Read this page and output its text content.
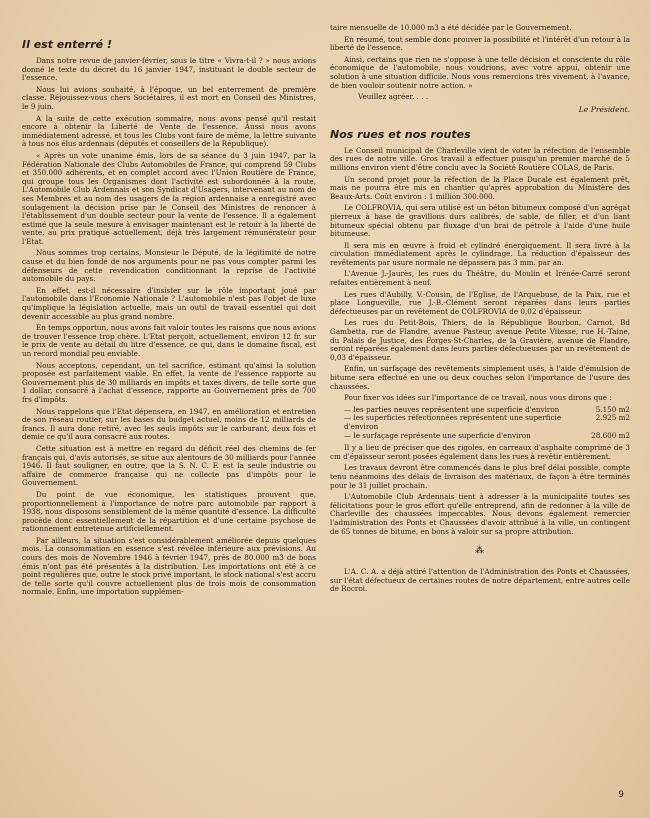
Il est enterré !

Dans notre revue de janvier-février, sous le titre « Vivra-t-il ? » nous avions donné le texte du décret du 16 janvier 1947, instituant le double secteur de l'essence.

Nous lui avions souhaité, à l'époque, un bel enterrement de première classe. Réjouissez-vous chers Sociétaires, il est mort en Conseil des Ministres, le 9 juin.

A la suite de cette exécution sommaire, nous avons pensé qu'il restait encore à obtenir la Liberté de Vente de l'essence. Aussi nous avons immédiatement adressé, et tous les Clubs vont faire de même, la lettre suivante à tous nos élus ardennais (députés et conseillers de la République).

« Après un vote unanime émis, lors de sa séance du 3 juin 1947, par la Fédération Nationale des Clubs Automobiles de France, qui comprend 59 Clubs et 350.000 adhérents, et en complet accord avec l'Union Routière de France, qui groupe tous les Organismes dont l'activité est subordonnée à la route, L'Automobile Club Ardennais et son Syndicat d'Usagers, intervenant au nom de ses Membres et au nom des usagers de la région ardennaise a enregistré avec soulagement la décision prise par le Conseil des Ministres de renoncer à l'établissement d'un double secteur pour la vente de l'essence. Il a également estimé que la seule mesure à envisager maintenant est le retour à la liberté de vente, au prix pratiqué actuellement, déjà très largement rémunérateur pour l'Etat.

Nous sommes trop certains, Monsieur le Député, de la légitimité de notre cause et du bien fondé de nos arguments pour ne pas vous compter parmi les défenseurs de cette revendication conditionnant la reprise de l'activité automobile du pays.

En effet, est-il nécessaire d'insister sur le rôle important joué par l'automobile dans l'Economie Nationale ? L'automobile n'est pas l'objet de luxe qu'implique la législation actuelle, mais un outil de travail essentiel qui doit devenir accessible au plus grand nombre.

En temps opportun, nous avons fait valoir toutes les raisons que nous avions de trouver l'essence trop chère. L'Etat perçoit, actuellement, environ 12 fr. sur le prix de vente au détail du litre d'essence, ce qui, dans le domaine fiscal, est un record mondial peu enviable.

Nous acceptons, cependant, un tel sacrifice, estimant qu'ainsi la solution proposée est parfaitement viable. En effet, la vente de l'essence rapporte au Gouvernement plus de 30 milliards en impôts et taxes divers, de telle sorte que 1 dollar, consacré à l'achat d'essence, rapporte au Gouvernement près de 700 frs d'impôts.

Nous rappelons que l'Etat dépensera, en 1947, en amélioration et entretien de son réseau routier, sur les bases du budget actuel, moins de 12 milliards de francs. Il aura donc retiré, avec les seuls impôts sur le carburant, deux fois et demie ce qu'il aura consacré aux routes.

Cette situation est à mettre en regard du déficit réel des chemins de fer français qui, d'avis autorisés, se situe aux alentours de 30 milliards pour l'année 1946. Il faut souligner, en outre, que la S. N. C. F. est la seule industrie ou affaire de commerce française qui ne collecte pas d'impôts pour le Gouvernement.

Du point de vue économique, les statistiques prouvent que, proportionnellement à l'importance de notre parc automobile par rapport à 1938, nous disposons sensiblement de la même quantité d'essence. La difficulté procède donc essentiellement de la répartition et d'une certaine psychose de rationnement entretenue artificiellement.

Par ailleurs, la situation s'est considérablement améliorée depuis quelques mois. La consommation en essence s'est révélée inférieure aux prévisions. Au cours des mois de Novembre 1946 à février 1947, près de 80.000 m3 de bons émis n'ont pas été présentés à la distribution. Les importations ont été à ce point régulières que, outre le stock privé important, le stock national s'est accru de telle sorte qu'il couvre actuellement plus de trois mois de consommation normale. Enfin, une importation supplémen-

taire mensuelle de 10.000 m3 a été décidée par le Gouvernement.

En résumé, tout semble donc prouver la possibilité et l'intérêt d'un retour à la liberté de l'essence.

Ainsi, certains que rien ne s'oppose à une telle décision et consciente du rôle économique de l'automobile, nous voudrions, avec votre appui, obtenir une solution à une situation difficile. Nous vous remercions très vivement, à l'avance, de bien vouloir soutenir notre action. »

Veuillez agréer. . . .

Le Président.
Nos rues et nos routes

Le Conseil municipal de Charleville vient de voter la réfection de l'ensemble des rues de notre ville. Gros travail à effectuer puisqu'un premier marché de 5 millions environ vient d'être conclu avec la Société Routière COLAS, de Paris.

Un second projet pour la réfection de la Place Ducale est également prêt, mais ne pourra être mis en chantier qu'après approbation du Ministère des Beaux-Arts. Coût environ : 1 million 300.000.

Le COLFROVIA, qui sera utilisé est un béton bitumeux composé d'un agrégat pierreux à base de gravillons durs calibrés, de sable, de filler, et d'un liant bitumeux spécial obtenu par fluxage d'un brai de pétrole à l'aide d'une huile bitumeuse.

Il sera mis en œuvre à froid et cylindré énergiquement. Il sera livré à la circulation immédiatement après le cylindrage. La réduction d'épaisseur des revêtements par usure normale ne dépassera pas 3 mm. par an.

L'Avenue J.-Jaurès, les rues du Théâtre, du Moulin et Irénée-Carré seront refaites entièrement à neuf.

Les rues d'Aubilly, V.-Cousin, de l'Eglise, de l'Arquebuse, de la Paix, rue et place Longueville, rue J.-B.-Clément seront réparées dans leurs parties défectueuses par un revêtement de COLFROVIA de 0,02 d'épaisseur.

Les rues du Petit-Bois, Thiers, de la République Bourbon, Carnot, Bd Gambetta, rue de Flandre, avenue Pasteur, avenue Petite Vitesse, rue H.-Taine, du Palais de Justice, des Forges-St-Charles, de la Gravière, avenue de Flandre, seront réparées également dans leurs parties défectueuses par un revêtement de 0,03 d'épaisseur.

Enfin, un surfaçage des revêtements simplement usés, à l'aide d'émulsion de bitume sera effectué en une ou deux couches selon l'importance de l'usure des chaussées.

Pour fixer vos idées sur l'importance de ce travail, nous vous dirons que :

— les parties neuves représentent une superficie d'environ	5.150 m2
— les superficies réfectionnées représentent une superficie d'environ
2.925 m2
— le surfaçage représente une superficie d'environ	28.600 m2

Il y a lieu de préciser que des rigoles, en carreaux d'asphalte comprimé de 3 cm d'épaisseur seront posées également dans les rues à revêtir entièrement.

Les travaux devront être commencés dans le plus bref délai possible, compte tenu néanmoins des délais de livraison des matériaux, de façon à être terminés pour le 31 juillet prochain.

L'Automobile Club Ardennais tient à adresser à la municipalité toutes ses félicitations pour le gros effort qu'elle entreprend, afin de redonner à la ville de Charleville des chaussées impeccables. Nous devons également remercier l'administration des Ponts et Chaussées d'avoir attribué à la ville, un contingent de 65 tonnes de bitume, en bons à valoir sur sa propre attribution.

⁂

L'A. C. A. a déjà attiré l'attention de l'Administration des Ponts et Chaussées, sur l'état défectueux de certaines routes de notre département, entre autres celle de Rocroi.

9
